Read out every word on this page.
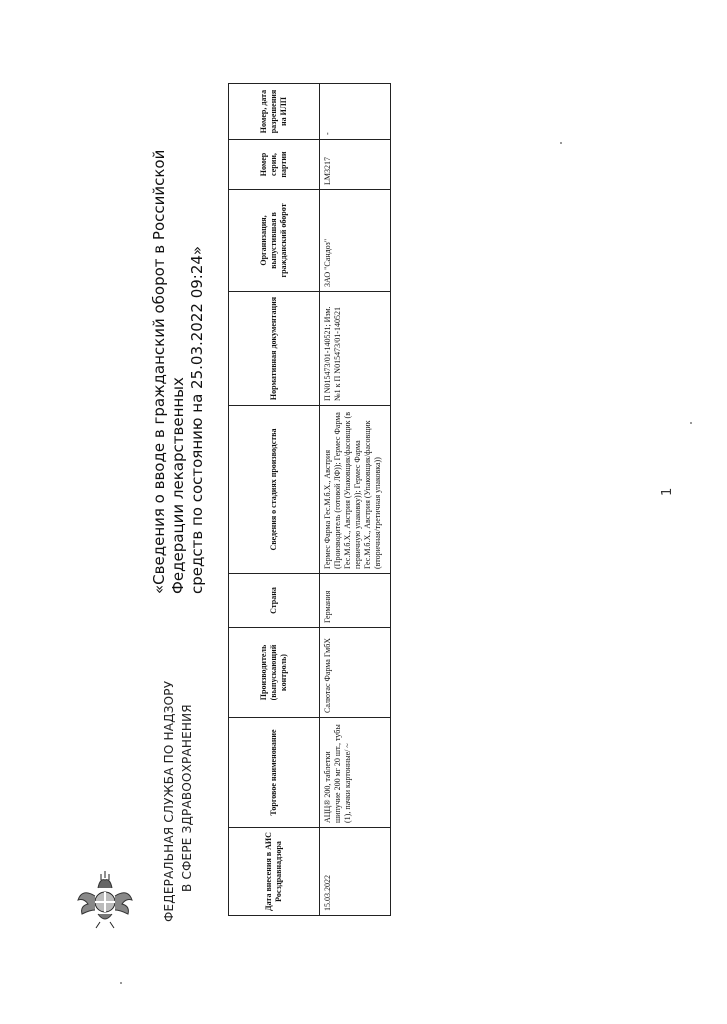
ФЕДЕРАЛЬНАЯ СЛУЖБА ПО НАДЗОРУ В СФЕРЕ ЗДРАВООХРАНЕНИЯ
«Сведения о вводе в гражданский оборот в Российской Федерации лекарственных средств по состоянию на 25.03.2022 09:24»
Дата внесения в АИС Росздравнадзора	Торговое наименование	Производитель (выпускающий контроль)	Страна	Сведения о стадиях производства	Нормативная документация	Организация, выпустившая в гражданский оборот	Номер серии, партии	Номер, дата разрешения на ИЛП
15.03.2022	АЦЦ® 200, таблетки шипучие 200 мг 20 шт., тубы (1), пачки картонные/ ~	Салютас Фарма ГмбХ	Германия	Гермес Фарма Гес.М.б.Х., Австрия (Производитель (готовой ЛФ)); Гермес Фарма Гес.М.б.Х., Австрия (Упаковщик/фасовщик (в первичную упаковку)); Гермес Фарма Гес.М.б.Х., Австрия (Упаковщик/фасовщик (вторичная/третичная упаковка))	П N015473/01-140521; Изм. №1 к П N015473/01-140521	ЗАО "Сандоз"	LM3217	-
1
